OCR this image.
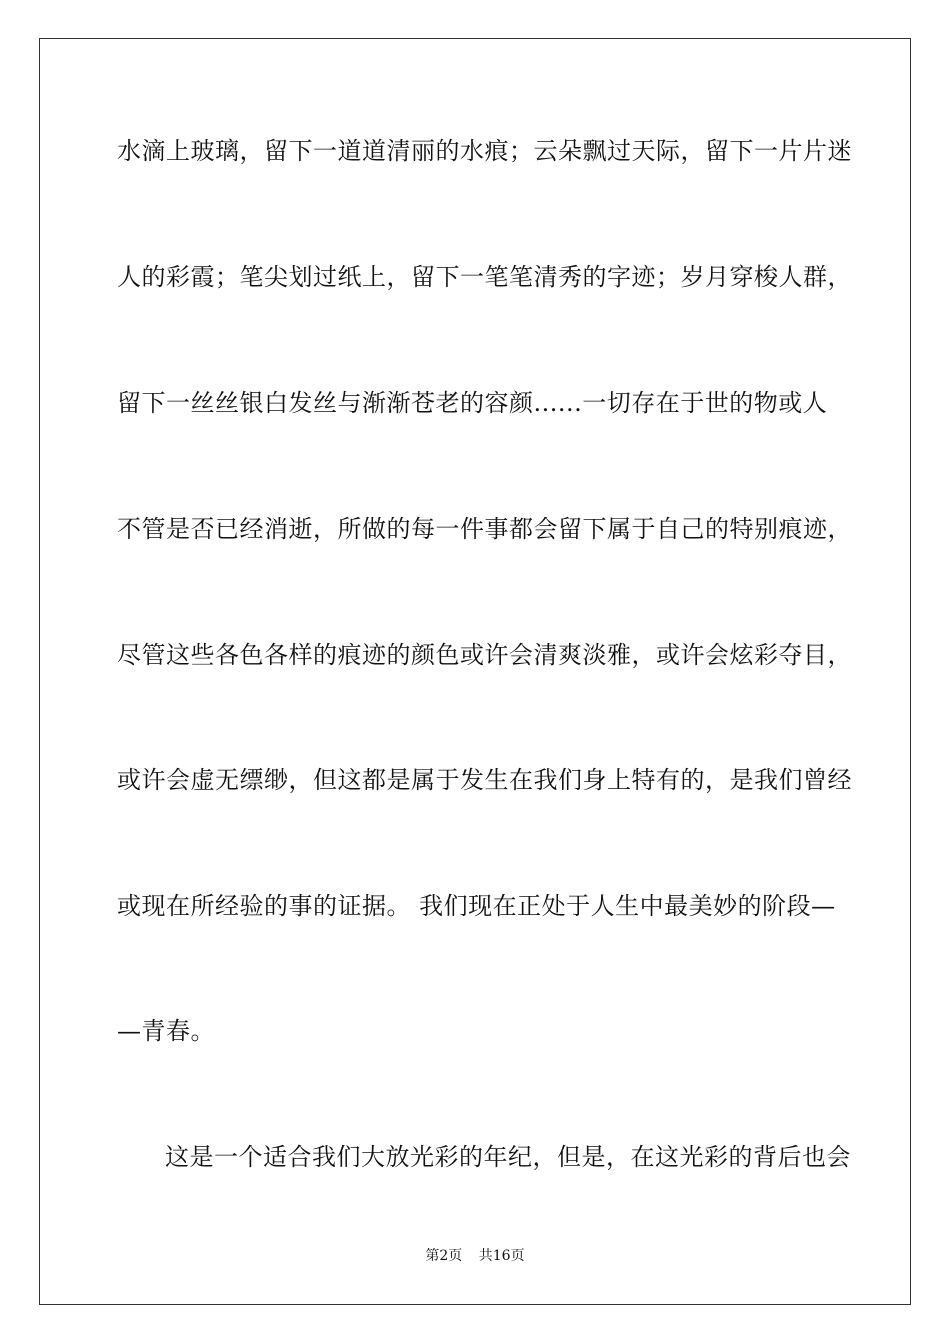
水滴上玻璃，留下一道道清丽的水痕；云朵飘过天际，留下一片片迷
人的彩霞；笔尖划过纸上，留下一笔笔清秀的字迹；岁月穿梭人群，
留下一丝丝银白发丝与渐渐苍老的容颜......一切存在于世的物或人
不管是否已经消逝，所做的每一件事都会留下属于自己的特别痕迹，
尽管这些各色各样的痕迹的颜色或许会清爽淡雅，或许会炫彩夺目，
或许会虚无缥缈，但这都是属于发生在我们身上特有的，是我们曾经
或现在所经验的事的证据。 我们现在正处于人生中最美妙的阶段—
—青春。
这是一个适合我们大放光彩的年纪，但是，在这光彩的背后也会
第2页 共16页
